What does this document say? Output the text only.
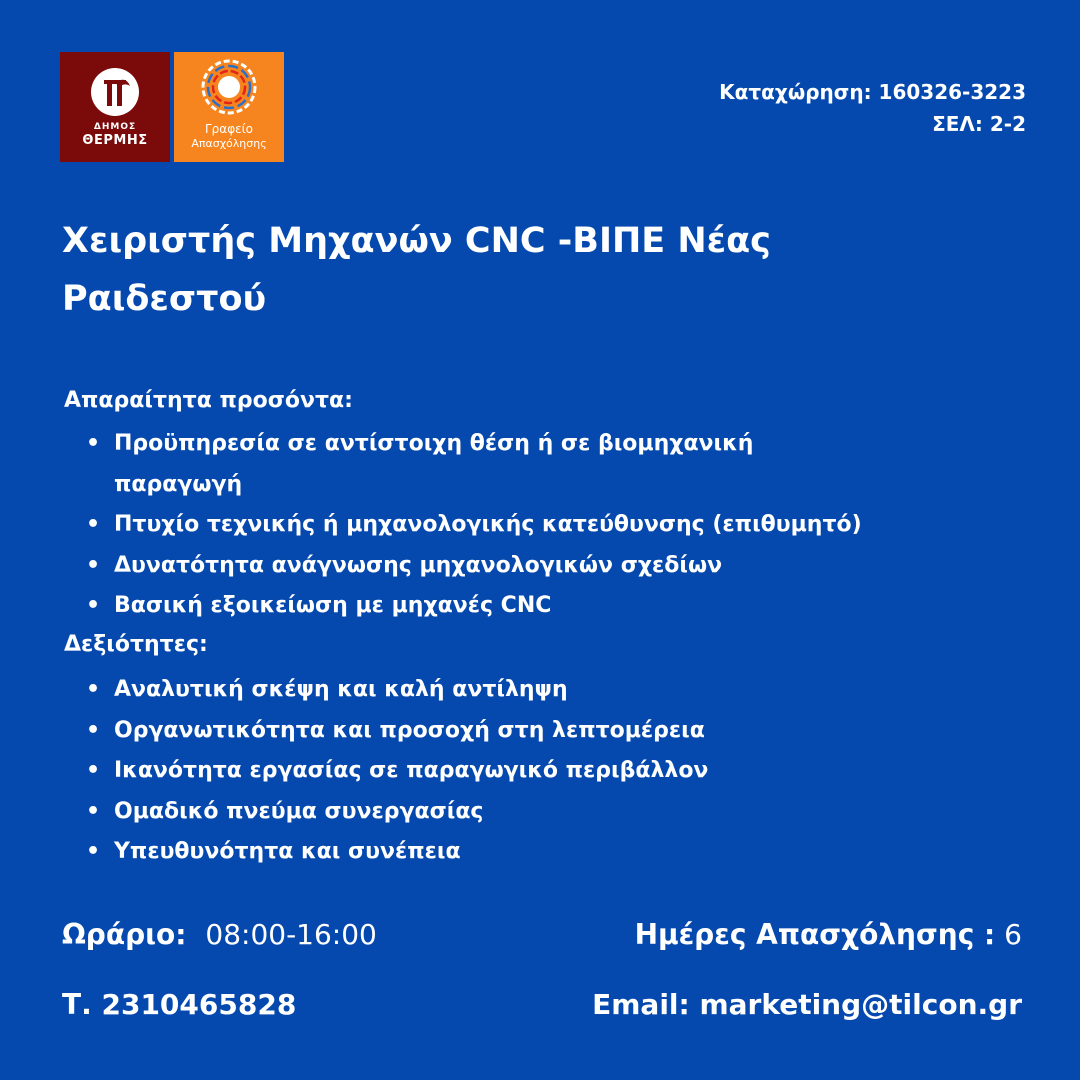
ΔΗΜΟΣ
ΘΕΡΜΗΣ
Γραφείο
Απασχόλησης
Καταχώρηση: 160326-3223
ΣΕΛ: 2-2
Χειριστής Μηχανών CNC -ΒΙΠΕ Νέας Ραιδεστού
Απαραίτητα προσόντα:
• Προϋπηρεσία σε αντίστοιχη θέση ή σε βιομηχανική παραγωγή
• Πτυχίο τεχνικής ή μηχανολογικής κατεύθυνσης (επιθυμητό)
• Δυνατότητα ανάγνωσης μηχανολογικών σχεδίων
• Βασική εξοικείωση με μηχανές CNC
Δεξιότητες:
• Αναλυτική σκέψη και καλή αντίληψη
• Οργανωτικότητα και προσοχή στη λεπτομέρεια
• Ικανότητα εργασίας σε παραγωγικό περιβάλλον
• Ομαδικό πνεύμα συνεργασίας
• Υπευθυνότητα και συνέπεια
Ωράριο: 08:00-16:00	Ημέρες Απασχόλησης : 6
Τ. 2310465828	Email: marketing@tilcon.gr
